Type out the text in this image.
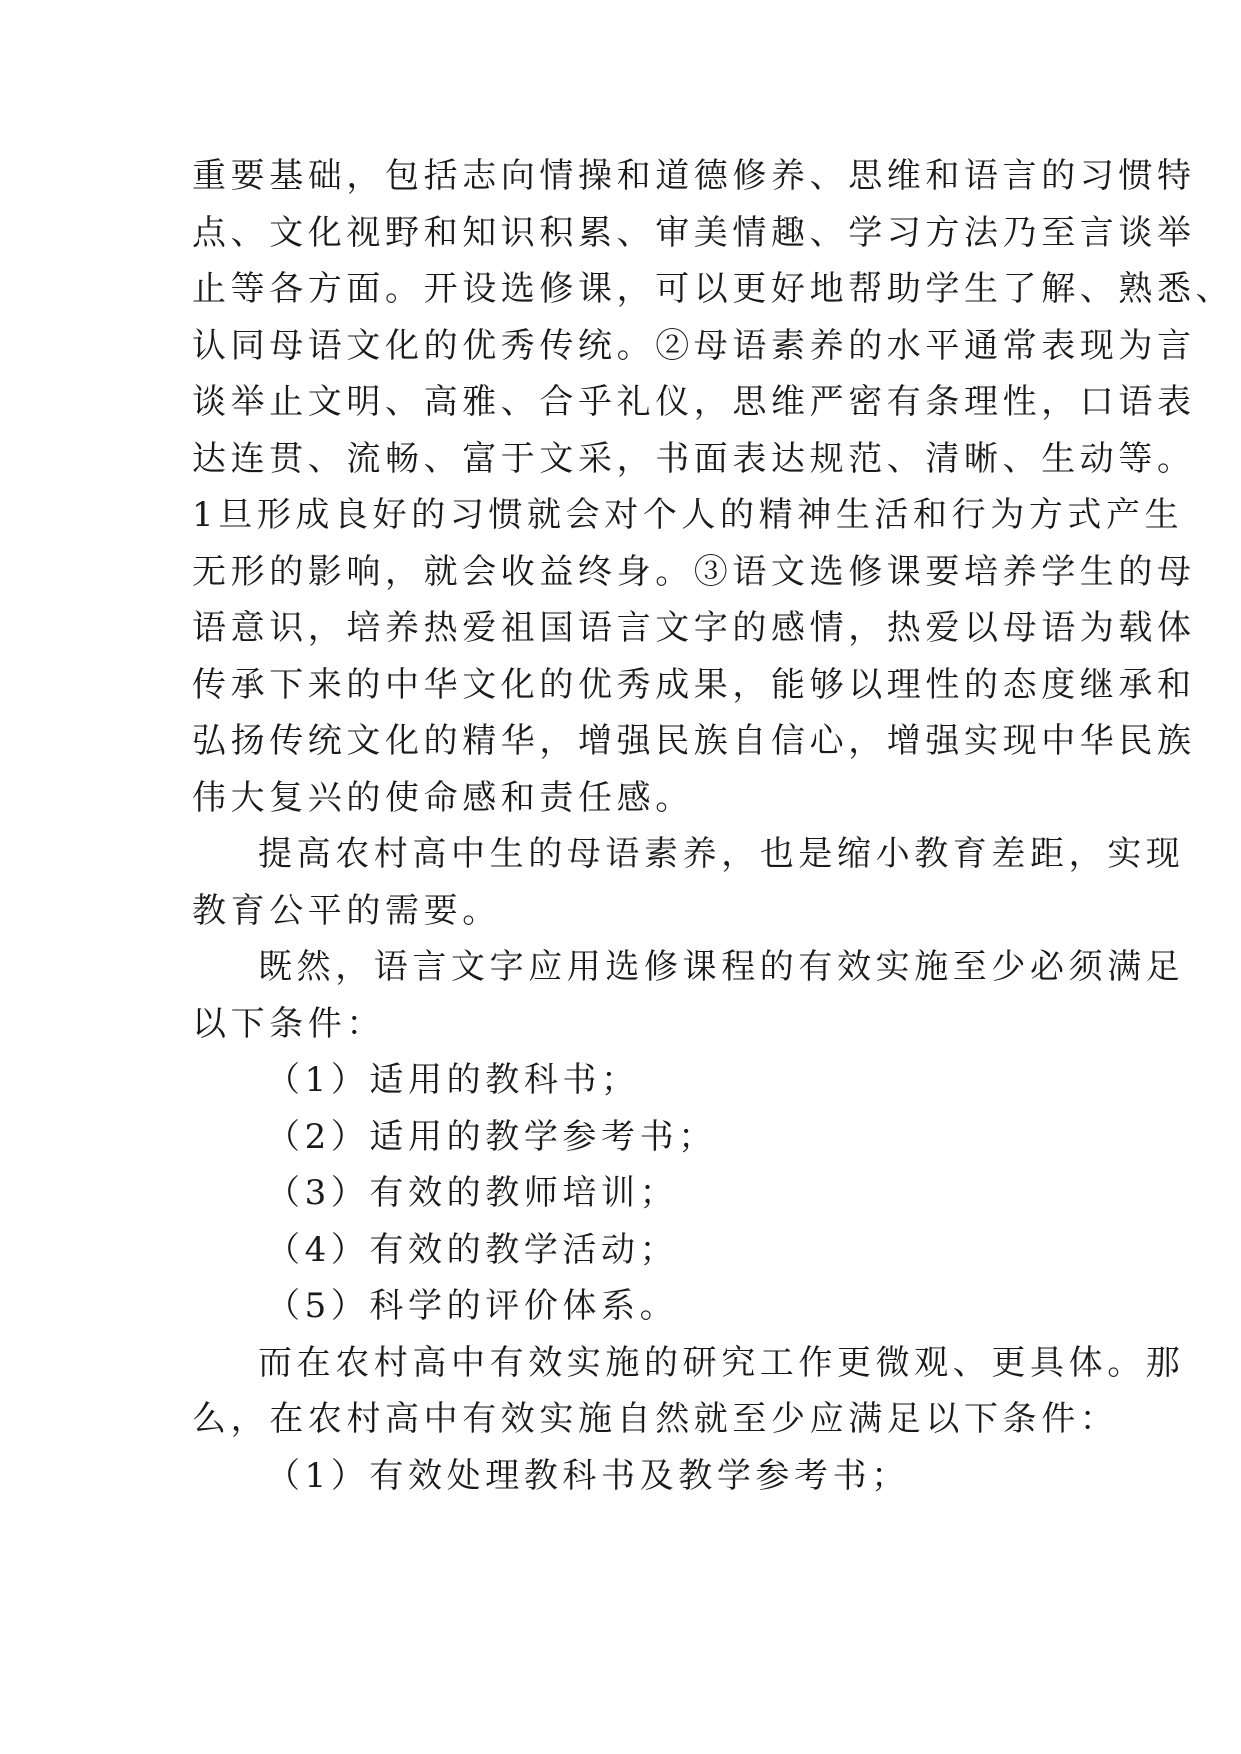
重要基础，包括志向情操和道德修养、思维和语言的习惯特
点、文化视野和知识积累、审美情趣、学习方法乃至言谈举
止等各方面。开设选修课，可以更好地帮助学生了解、熟悉、
认同母语文化的优秀传统。②母语素养的水平通常表现为言
谈举止文明、高雅、合乎礼仪，思维严密有条理性，口语表
达连贯、流畅、富于文采，书面表达规范、清晰、生动等。
1旦形成良好的习惯就会对个人的精神生活和行为方式产生
无形的影响，就会收益终身。③语文选修课要培养学生的母
语意识，培养热爱祖国语言文字的感情，热爱以母语为载体
传承下来的中华文化的优秀成果，能够以理性的态度继承和
弘扬传统文化的精华，增强民族自信心，增强实现中华民族
伟大复兴的使命感和责任感。
提高农村高中生的母语素养，也是缩小教育差距，实现
教育公平的需要。
既然，语言文字应用选修课程的有效实施至少必须满足
以下条件：
（1）适用的教科书；
（2）适用的教学参考书；
（3）有效的教师培训；
（4）有效的教学活动；
（5）科学的评价体系。
而在农村高中有效实施的研究工作更微观、更具体。那
么，在农村高中有效实施自然就至少应满足以下条件：
（1）有效处理教科书及教学参考书；
